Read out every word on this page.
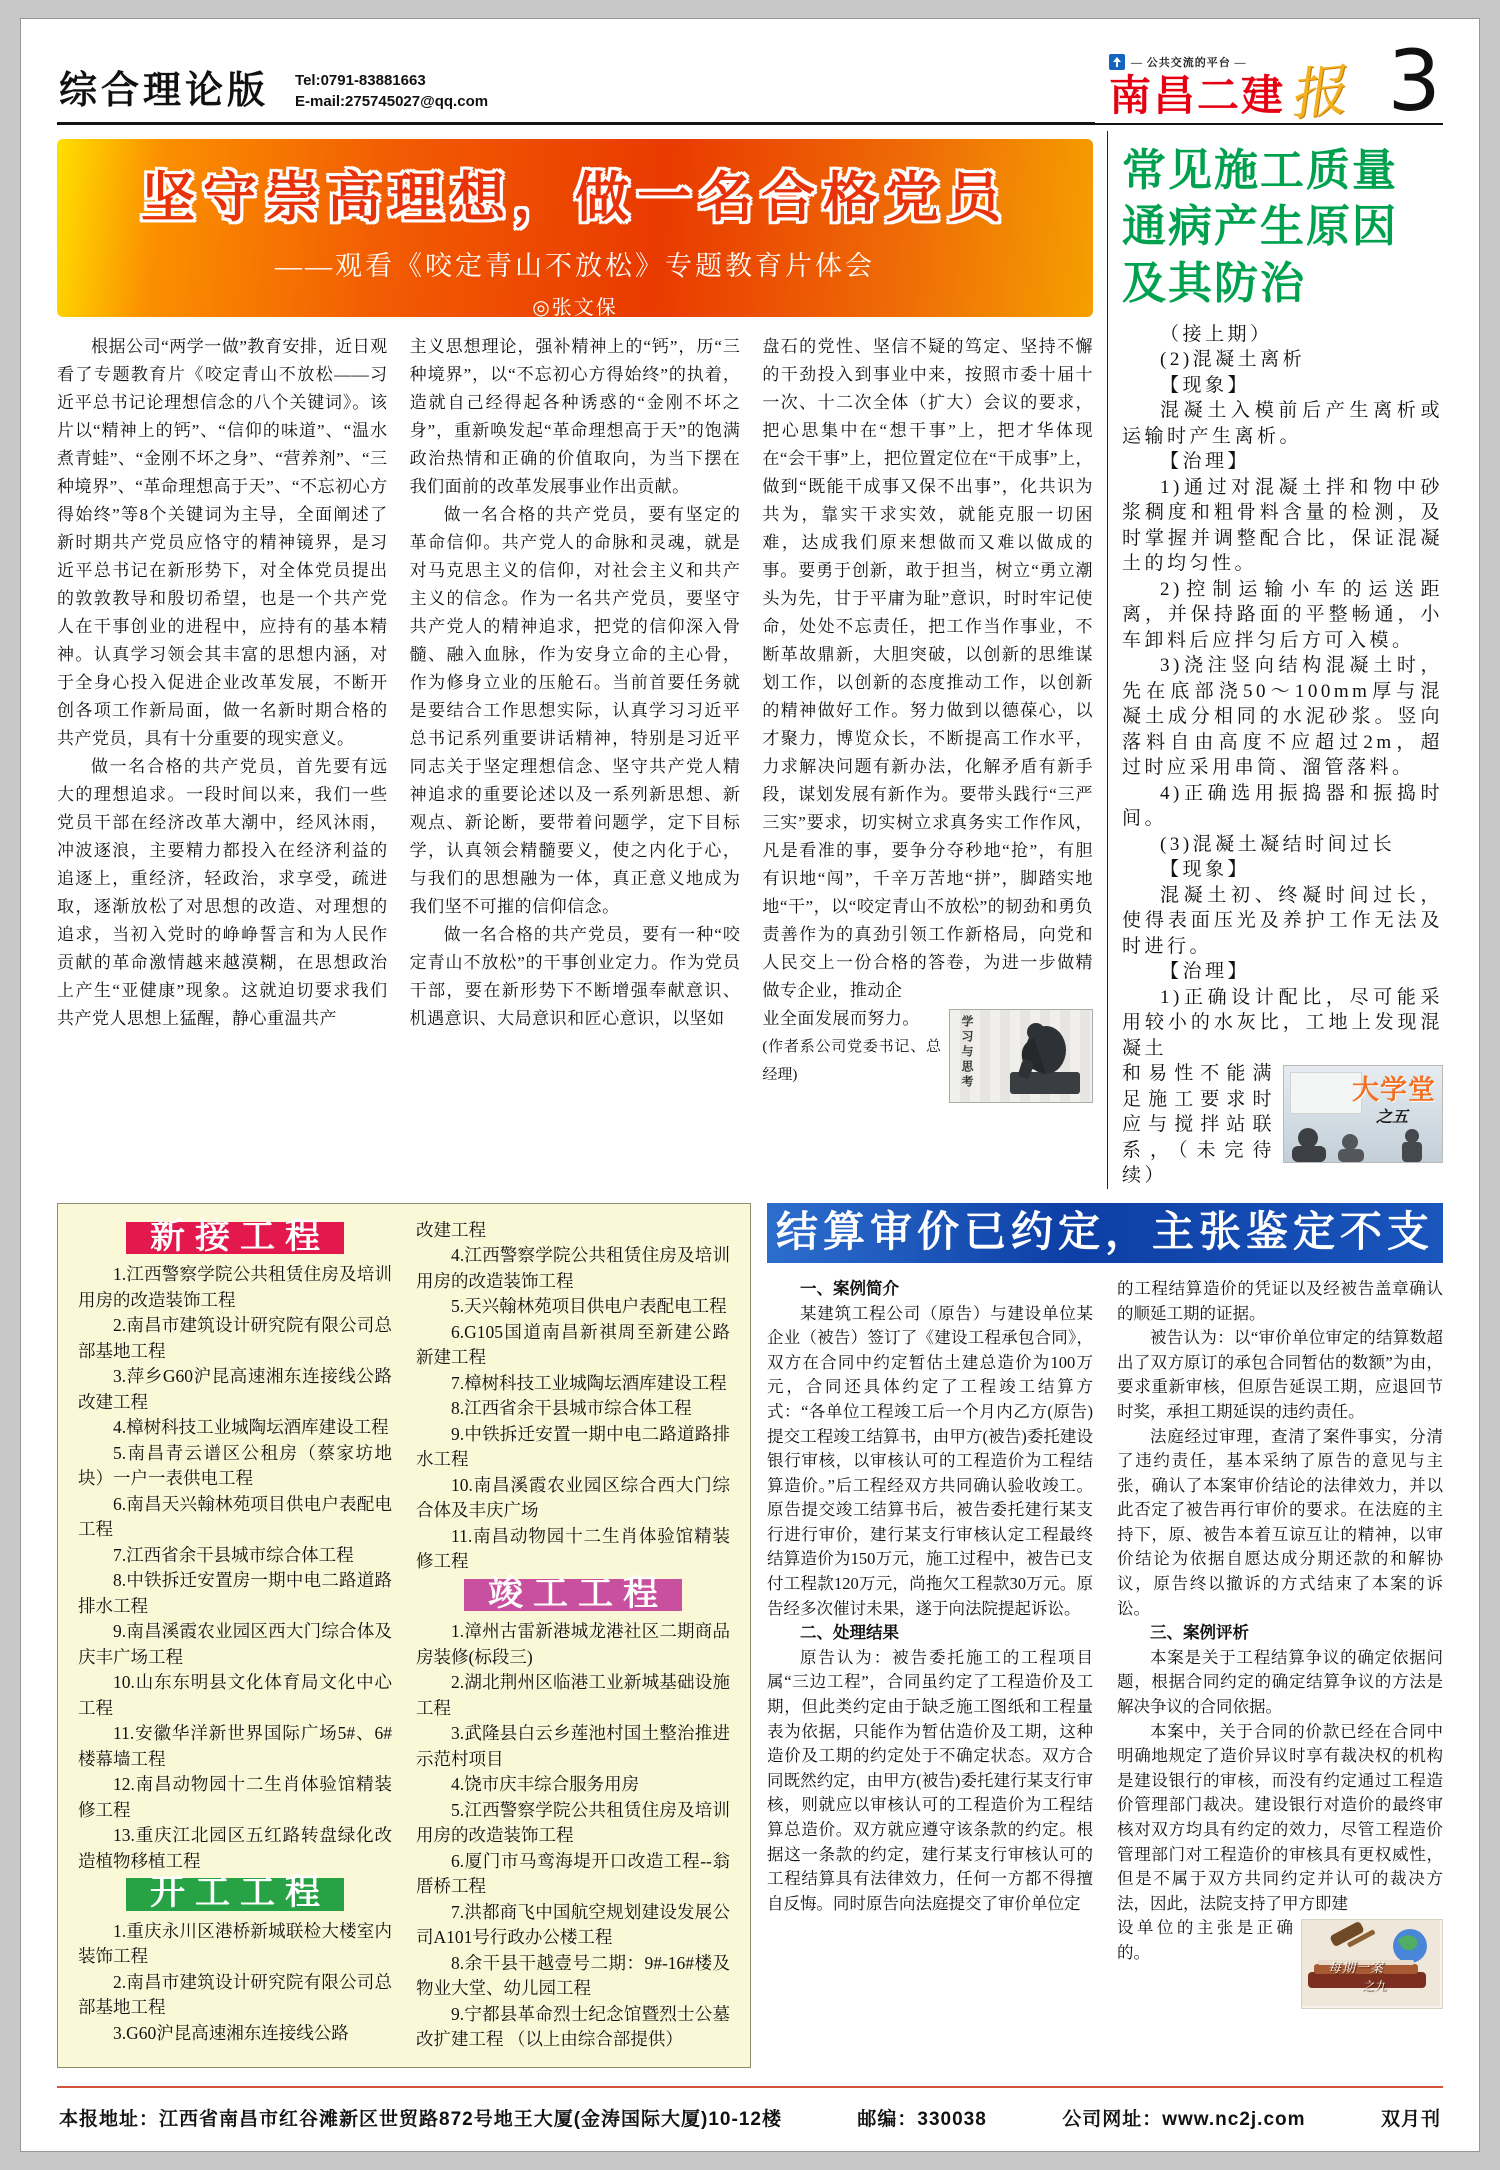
综合理论版 Tel:0791-83881663
E-mail:275745027@qq.com
— 公共交流的平台 —
南昌二建 报 3
坚守崇高理想，做一名合格党员
——观看《咬定青山不放松》专题教育片体会
◎张文保

根据公司“两学一做”教育安排，近日观看了专题教育片《咬定青山不放松——习近平总书记论理想信念的八个关键词》。该片以“精神上的钙”、“信仰的味道”、“温水煮青蛙”、“金刚不坏之身”、“营养剂”、“三种境界”、“革命理想高于天”、“不忘初心方得始终”等8个关键词为主导，全面阐述了新时期共产党员应恪守的精神镜界，是习近平总书记在新形势下，对全体党员提出的敦敦教导和殷切希望，也是一个共产党人在干事创业的进程中，应持有的基本精神。认真学习领会其丰富的思想内涵，对于全身心投入促进企业改革发展，不断开创各项工作新局面，做一名新时期合格的共产党员，具有十分重要的现实意义。

做一名合格的共产党员，首先要有远大的理想追求。一段时间以来，我们一些党员干部在经济改革大潮中，经风沐雨，冲波逐浪，主要精力都投入在经济利益的追逐上，重经济，轻政治，求享受，疏进取，逐渐放松了对思想的改造、对理想的追求，当初入党时的峥峥誓言和为人民作贡献的革命激情越来越漠糊，在思想政治上产生“亚健康”现象。这就迫切要求我们共产党人思想上猛醒，静心重温共产

主义思想理论，强补精神上的“钙”，历“三种境界”，以“不忘初心方得始终”的执着，造就自己经得起各种诱惑的“金刚不坏之身”，重新唤发起“革命理想高于天”的饱满政治热情和正确的价值取向，为当下摆在我们面前的改革发展事业作出贡献。

做一名合格的共产党员，要有坚定的革命信仰。共产党人的命脉和灵魂，就是对马克思主义的信仰，对社会主义和共产主义的信念。作为一名共产党员，要坚守共产党人的精神追求，把党的信仰深入骨髓、融入血脉，作为安身立命的主心骨，作为修身立业的压舱石。当前首要任务就是要结合工作思想实际，认真学习习近平总书记系列重要讲话精神，特别是习近平同志关于坚定理想信念、坚守共产党人精神追求的重要论述以及一系列新思想、新观点、新论断，要带着问题学，定下目标学，认真领会精髓要义，使之内化于心，与我们的思想融为一体，真正意义地成为我们坚不可摧的信仰信念。

做一名合格的共产党员，要有一种“咬定青山不放松”的干事创业定力。作为党员干部，要在新形势下不断增强奉献意识、机遇意识、大局意识和匠心意识，以坚如

盘石的党性、坚信不疑的笃定、坚持不懈的干劲投入到事业中来，按照市委十届十一次、十二次全体（扩大）会议的要求，把心思集中在“想干事”上，把才华体现在“会干事”上，把位置定位在“干成事”上，做到“既能干成事又保不出事”，化共识为共为，靠实干求实效，就能克服一切困难，达成我们原来想做而又难以做成的事。要勇于创新，敢于担当，树立“勇立潮头为先，甘于平庸为耻”意识，时时牢记使命，处处不忘责任，把工作当作事业，不断革故鼎新，大胆突破，以创新的思维谋划工作，以创新的态度推动工作，以创新的精神做好工作。努力做到以德葆心，以才聚力，博览众长，不断提高工作水平，力求解决问题有新办法，化解矛盾有新手段，谋划发展有新作为。要带头践行“三严三实”要求，切实树立求真务实工作作风，凡是看准的事，要争分夺秒地“抢”，有胆有识地“闯”，千辛万苦地“拼”，脚踏实地地“干”，以“咬定青山不放松”的韧劲和勇负责善作为的真劲引领工作新格局，向党和人民交上一份合格的答卷，为进一步做精做专企业，推动企

学习与思考

业全面发展而努力。

(作者系公司党委书记、总经理)

常见施工质量通病产生原因及其防治

（接上期）

(2)混凝土离析

【现象】

混凝土入模前后产生离析或运输时产生离析。

【治理】

1)通过对混凝土拌和物中砂浆稠度和粗骨料含量的检测，及时掌握并调整配合比，保证混凝土的均匀性。

2)控制运输小车的运送距离，并保持路面的平整畅通，小车卸料后应拌匀后方可入模。

3)浇注竖向结构混凝土时，先在底部浇50～100mm厚与混凝土成分相同的水泥砂浆。竖向落料自由高度不应超过2m，超过时应采用串筒、溜管落料。

4)正确选用振捣器和振捣时间。

(3)混凝土凝结时间过长

【现象】

混凝土初、终凝时间过长，使得表面压光及养护工作无法及时进行。

【治理】

1)正确设计配比，尽可能采用较小的水灰比，工地上发现混凝土

大学堂
之五

和易性不能满足施工要求时应与搅拌站联系，（未完待续）

新接工程

1.江西警察学院公共租赁住房及培训用房的改造装饰工程

2.南昌市建筑设计研究院有限公司总部基地工程

3.萍乡G60沪昆高速湘东连接线公路改建工程

4.樟树科技工业城陶坛酒库建设工程

5.南昌青云谱区公租房（蔡家坊地块）一户一表供电工程

6.南昌天兴翰林苑项目供电户表配电工程

7.江西省余干县城市综合体工程

8.中铁拆迁安置房一期中电二路道路排水工程

9.南昌溪霞农业园区西大门综合体及庆丰广场工程

10.山东东明县文化体育局文化中心工程

11.安徽华洋新世界国际广场5#、6#楼幕墙工程

12.南昌动物园十二生肖体验馆精装修工程

13.重庆江北园区五红路转盘绿化改造植物移植工程

开工工程

1.重庆永川区港桥新城联检大楼室内装饰工程

2.南昌市建筑设计研究院有限公司总部基地工程

3.G60沪昆高速湘东连接线公路

改建工程

4.江西警察学院公共租赁住房及培训用房的改造装饰工程

5.天兴翰林苑项目供电户表配电工程

6.G105国道南昌新祺周至新建公路新建工程

7.樟树科技工业城陶坛酒库建设工程

8.江西省余干县城市综合体工程

9.中铁拆迁安置一期中电二路道路排水工程

10.南昌溪霞农业园区综合西大门综合体及丰庆广场

11.南昌动物园十二生肖体验馆精装修工程

竣工工程

1.漳州古雷新港城龙港社区二期商品房装修(标段三)

2.湖北荆州区临港工业新城基础设施工程

3.武隆县白云乡莲池村国土整治推进示范村项目

4.饶市庆丰综合服务用房

5.江西警察学院公共租赁住房及培训用房的改造装饰工程

6.厦门市马鸾海堤开口改造工程--翁厝桥工程

7.洪都商飞中国航空规划建设发展公司A101号行政办公楼工程

8.余干县干越壹号二期：9#-16#楼及物业大堂、幼儿园工程

9.宁都县革命烈士纪念馆暨烈士公墓改扩建工程 （以上由综合部提供）

结算审价已约定，主张鉴定不支持

一、案例简介

某建筑工程公司（原告）与建设单位某企业（被告）签订了《建设工程承包合同》，双方在合同中约定暂估土建总造价为100万元，合同还具体约定了工程竣工结算方式：“各单位工程竣工后一个月内乙方(原告)提交工程竣工结算书，由甲方(被告)委托建设银行审核，以审核认可的工程造价为工程结算造价。”后工程经双方共同确认验收竣工。原告提交竣工结算书后，被告委托建行某支行进行审价，建行某支行审核认定工程最终结算造价为150万元，施工过程中，被告已支付工程款120万元，尚拖欠工程款30万元。原告经多次催讨未果，遂于向法院提起诉讼。

二、处理结果

原告认为：被告委托施工的工程项目属“三边工程”，合同虽约定了工程造价及工期，但此类约定由于缺乏施工图纸和工程量表为依据，只能作为暂估造价及工期，这种造价及工期的约定处于不确定状态。双方合同既然约定，由甲方(被告)委托建行某支行审核，则就应以审核认可的工程造价为工程结算总造价。双方就应遵守该条款的约定。根据这一条款的约定，建行某支行审核认可的工程结算具有法律效力，任何一方都不得擅自反悔。同时原告向法庭提交了审价单位定

的工程结算造价的凭证以及经被告盖章确认的顺延工期的证据。

被告认为：以“审价单位审定的结算数超出了双方原订的承包合同暂估的数额”为由，要求重新审核，但原告延误工期，应退回节时奖，承担工期延误的违约责任。

法庭经过审理，查清了案件事实，分清了违约责任，基本采纳了原告的意见与主张，确认了本案审价结论的法律效力，并以此否定了被告再行审价的要求。在法庭的主持下，原、被告本着互谅互让的精神，以审价结论为依据自愿达成分期还款的和解协议，原告终以撤诉的方式结束了本案的诉讼。

三、案例评析

本案是关于工程结算争议的确定依据问题，根据合同约定的确定结算争议的方法是解决争议的合同依据。

本案中，关于合同的价款已经在合同中明确地规定了造价异议时享有裁决权的机构是建设银行的审核，而没有约定通过工程造价管理部门裁决。建设银行对造价的最终审核对双方均具有约定的效力，尽管工程造价管理部门对工程造价的审核具有更权威性，但是不属于双方共同约定并认可的裁决方法，因此，法院支持了甲方即建

每期一案
之九

设单位的主张是正确的。

本报地址：江西省南昌市红谷滩新区世贸路872号地王大厦(金涛国际大厦)10-12楼	邮编：330038	公司网址：www.nc2j.com	双月刊
